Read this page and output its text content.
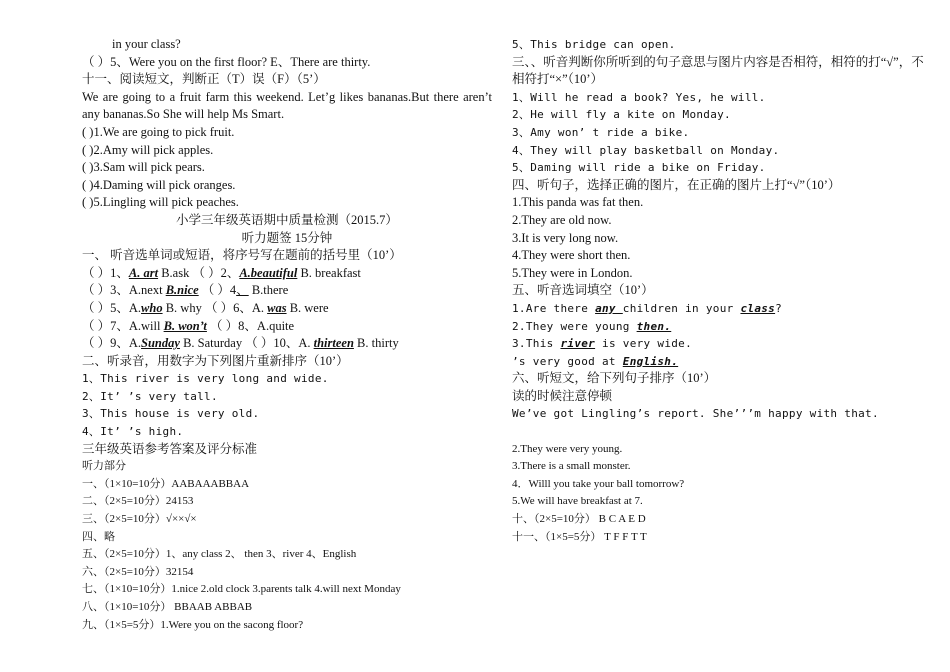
in your class?
（ ）5、Were you on the first floor? E、There are thirty.
十一、阅读短文，判断正（T）误（F）（5’）
We are going to a fruit farm this weekend. Let’g likes bananas.But there aren’t any bananas.So She will help Ms Smart.
( )1.We are going to pick fruit.
( )2.Amy will pick apples.
( )3.Sam will pick pears.
( )4.Daming will pick oranges.
( )5.Lingling will pick peaches.
小学三年级英语期中质量检测（2015.7）
听力题签 15分钟
一、 听音选单词或短语，将序号写在题前的括号里（10’）
（ ）1、A. art B.ask （ ）2、A.beautiful B. breakfast
（ ）3、A.next B.nice （ ）4、 B.there
（ ）5、A.who B. why （ ）6、A. was B. were
（ ）7、A.will B. won’t （ ）8、A.quite
（ ）9、A.Sunday B. Saturday （ ）10、A. thirteen B. thirty
二、听录音，用数字为下列图片重新排序（10’）
1、This river is very long and wide.
2、It’ ’s very tall.
3、This house is very old.
4、It’ ’s high.
三年级英语参考答案及评分标准
听力部分
一、（1×10=10分）AABAAABBAA
二、（2×5=10分）24153
三、（2×5=10分）√××√×
四、略
五、（2×5=10分）1、any class 2、 then 3、river 4、English
六、（2×5=10分）32154
七、（1×10=10分）1.nice 2.old clock 3.parents talk 4.will next Monday
八、（1×10=10分） BBAAB ABBAB
九、（1×5=5分）1.Were you on the sacong floor?
5、This bridge can open.
三、、听音判断你所听到的句子意思与图片内容是否相符，相符的打“√”，不相符打“×”（10’）
1、Will he read a book? Yes, he will.
2、He will fly a kite on Monday.
3、Amy won’ t ride a bike.
4、They will play basketball on Monday.
5、Daming will ride a bike on Friday.
四、听句子，选择正确的图片，在正确的图片上打“√”（10’）
1.This panda was fat then.
2.They are old now.
3.It is very long now.
4.They were short then.
5.They were in London.
五、听音选词填空（10’）
1.Are there any children in your class?
2.They were young then.
3.This river is very wide.
’s very good at English.
六、听短文，给下列句子排序（10’）
读的时候注意停顿
We’ve got Lingling’s report. She’’’m happy with that.
2.They were very young.
3.There is a small monster.
4．Willl you take your ball tomorrow?
5.We will have breakfast at 7.
十、（2×5=10分） B C A E D
十一、（1×5=5分） T F F T T
